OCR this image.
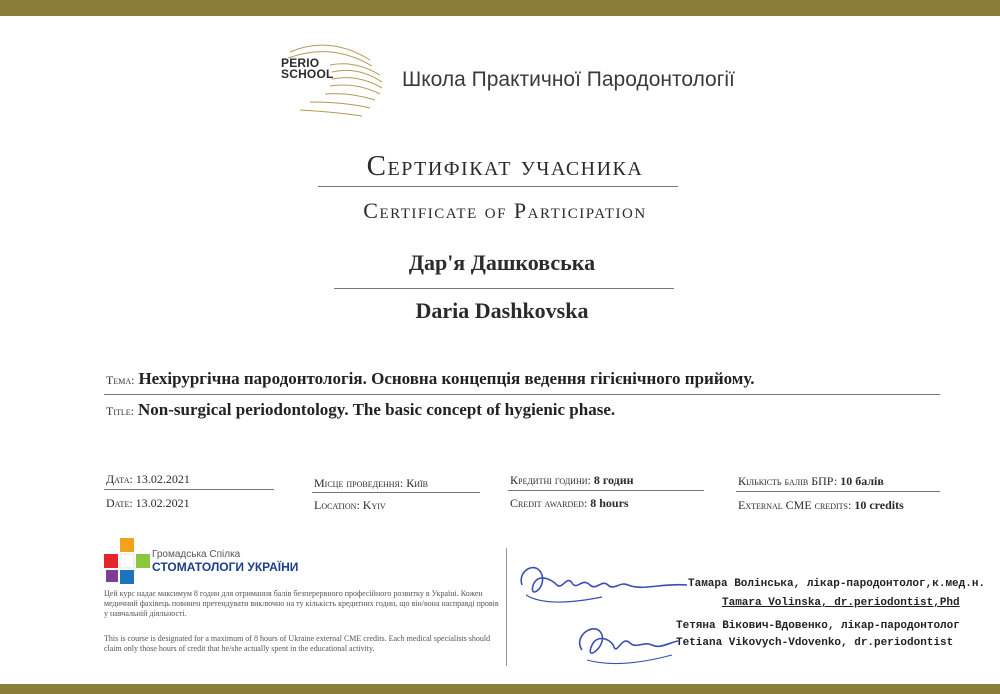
PERIO
SCHOOL	Школа Практичної Пародонтології
Сертифікат учасника
Certificate of Participation
Дар'я Дашковська
Daria Dashkovska
Тема: Нехірургічна пародонтологія. Основна концепція ведення гігієнічного прийому.
Title: Non-surgical periodontology. The basic concept of hygienic phase.
Дата: 13.02.2021
Date: 13.02.2021
Місце проведення: Київ
Location: Kyiv
Кредитні години: 8 годин
Credit awarded: 8 hours
Кількість балів БПР: 10 балів
External CME credits: 10 credits
Громадська Спілка
СТОМАТОЛОГИ УКРАЇНИ
Цей курс надає максимум 8 годин для отримання балів безперервного професійного розвитку в Україні. Кожен медичний фахівець повинен претендувати виключно на ту кількість кредитних годин, що він/вона насправді провів у навчальній діяльності.
This is course is designated for a maximum of 8 hours of Ukraine external CME credits. Each medical specialists should claim only those hours of credit that he/she actually spent in the educational activity.
Тамара Волінська, лікар-пародонтолог,к.мед.н.
Tamara Volinska, dr.periodontist,Phd
Тетяна Вікович-Вдовенко, лікар-пародонтолог
Tetiana Vikovych-Vdovenko, dr.periodontist
